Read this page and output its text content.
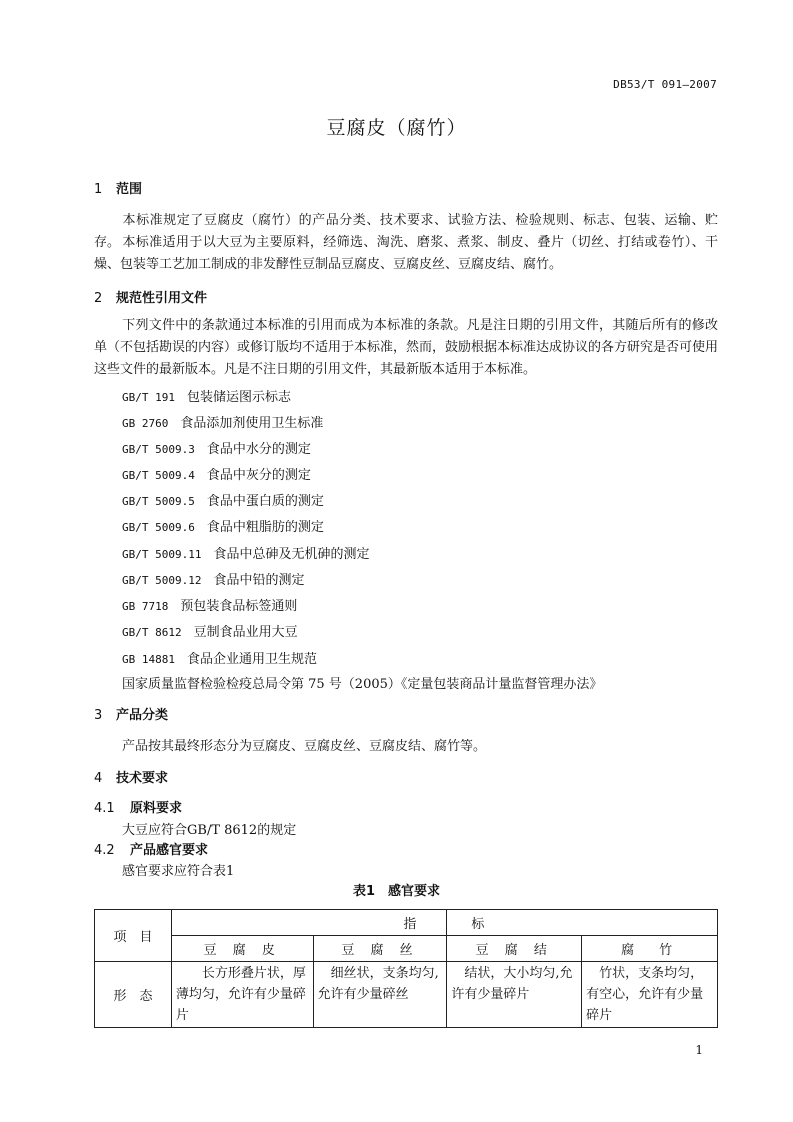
DB53/T 091—2007
豆腐皮（腐竹）
1 范围
本标准规定了豆腐皮（腐竹）的产品分类、技术要求、试验方法、检验规则、标志、包装、运输、贮存。 本标准适用于以大豆为主要原料，经筛选、淘洗、磨浆、煮浆、制皮、叠片（切丝、打结或卷竹）、干燥、包装等工艺加工制成的非发酵性豆制品豆腐皮、豆腐皮丝、豆腐皮结、腐竹。
2 规范性引用文件
下列文件中的条款通过本标准的引用而成为本标准的条款。凡是注日期的引用文件，其随后所有的修改单（不包括勘误的内容）或修订版均不适用于本标准，然而，鼓励根据本标准达成协议的各方研究是否可使用这些文件的最新版本。凡是不注日期的引用文件，其最新版本适用于本标准。
GB/T 191 包装储运图示标志
GB 2760 食品添加剂使用卫生标准
GB/T 5009.3 食品中水分的测定
GB/T 5009.4 食品中灰分的测定
GB/T 5009.5 食品中蛋白质的测定
GB/T 5009.6 食品中粗脂肪的测定
GB/T 5009.11 食品中总砷及无机砷的测定
GB/T 5009.12 食品中铅的测定
GB 7718 预包装食品标签通则
GB/T 8612 豆制食品业用大豆
GB 14881 食品企业通用卫生规范
国家质量监督检验检疫总局令第 75 号（2005）《定量包装商品计量监督管理办法》
3 产品分类
产品按其最终形态分为豆腐皮、豆腐皮丝、豆腐皮结、腐竹等。
4 技术要求
4.1 原料要求
大豆应符合GB/T 8612的规定
4.2 产品感官要求
感官要求应符合表1
表1　感官要求
项　目	指		标	
	豆 腐 皮	豆 腐 丝	豆 腐 结	腐　竹
形　态	　　长方形叠片状，厚薄均匀，允许有少量碎片	　细丝状，支条均匀,允许有少量碎丝	　结状，大小均匀,允许有少量碎片	　竹状，支条均匀，有空心，允许有少量碎片
1
